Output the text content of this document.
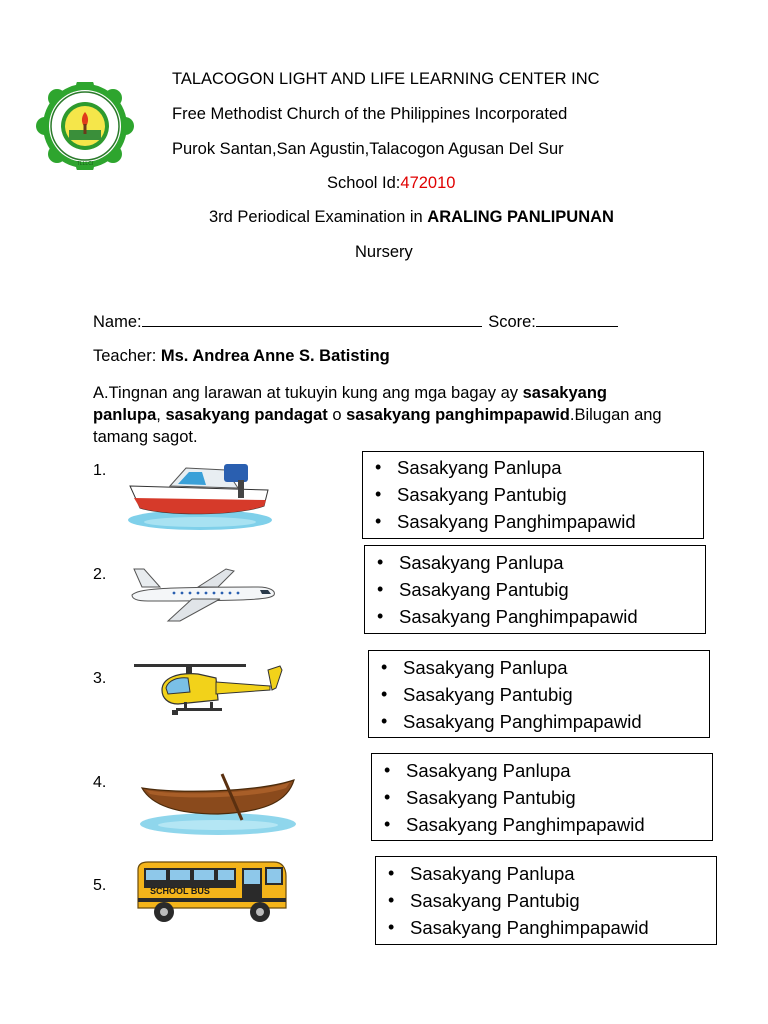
TLLLCI
TALACOGON LIGHT AND LIFE LEARNING CENTER INC
Free Methodist Church of the Philippines Incorporated
Purok Santan,San Agustin,Talacogon Agusan Del Sur
School Id:472010
3rd Periodical Examination in ARALING PANLIPUNAN
Nursery
Name:	Score:
Teacher: Ms. Andrea Anne S. Batisting
A.Tingnan ang larawan at tukuyin kung ang mga bagay ay sasakyang panlupa, sasakyang pandagat o sasakyang panghimpapawid.Bilugan ang tamang sagot.
1.
•	Sasakyang Panlupa
• Sasakyang Pantubig
• Sasakyang Panghimpapawid
2.
• Sasakyang Panlupa
• Sasakyang Pantubig
• Sasakyang Panghimpapawid
3.
• Sasakyang Panlupa
• Sasakyang Pantubig
• Sasakyang Panghimpapawid
4.
• Sasakyang Panlupa
• Sasakyang Pantubig
• Sasakyang Panghimpapawid
5.	SCHOOL BUS
• Sasakyang Panlupa
• Sasakyang Pantubig
• Sasakyang Panghimpapawid
